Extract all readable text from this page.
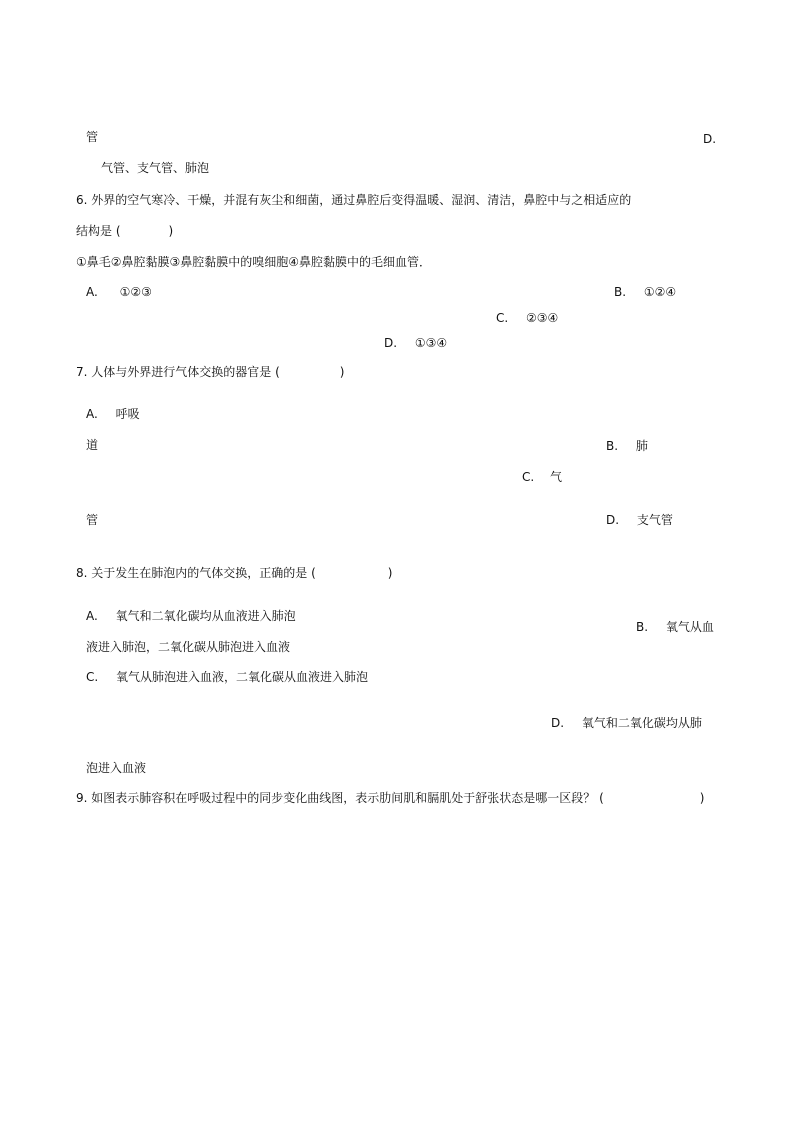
管	D.
气管、支气管、肺泡
6. 外界的空气寒冷、干燥，并混有灰尘和细菌，通过鼻腔后变得温暖、湿润、清洁，鼻腔中与之相适应的
结构是 (　　　　)
①鼻毛②鼻腔黏膜③鼻腔黏膜中的嗅细胞④鼻腔黏膜中的毛细血管．
A. ①②③	B. ①②④
C. ②③④
D. ①③④
7. 人体与外界进行气体交换的器官是 (　　　　　)
A. 呼吸
道	B. 肺
C. 气
管	D. 支气管
8. 关于发生在肺泡内的气体交换，正确的是 (　　　　　　)
A. 氧气和二氧化碳均从血液进入肺泡
B. 氧气从血
液进入肺泡，二氧化碳从肺泡进入血液
C. 氧气从肺泡进入血液，二氧化碳从血液进入肺泡
D. 氧气和二氧化碳均从肺
泡进入血液
9. 如图表示肺容积在呼吸过程中的同步变化曲线图，表示肋间肌和膈肌处于舒张状态是哪一区段？ (　　　　　　　　)
